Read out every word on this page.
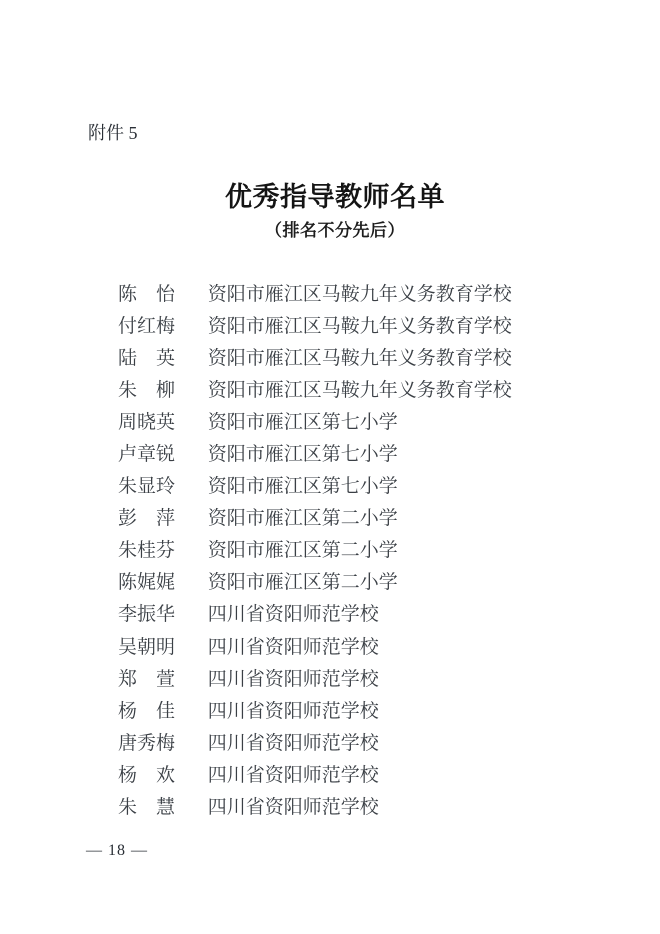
附件 5
优秀指导教师名单
（排名不分先后）
陈　怡 资阳市雁江区马鞍九年义务教育学校
付红梅 资阳市雁江区马鞍九年义务教育学校
陆　英 资阳市雁江区马鞍九年义务教育学校
朱　柳 资阳市雁江区马鞍九年义务教育学校
周晓英 资阳市雁江区第七小学
卢章锐 资阳市雁江区第七小学
朱显玲 资阳市雁江区第七小学
彭　萍 资阳市雁江区第二小学
朱桂芬 资阳市雁江区第二小学
陈娓娓 资阳市雁江区第二小学
李振华 四川省资阳师范学校
吴朝明 四川省资阳师范学校
郑　萱 四川省资阳师范学校
杨　佳 四川省资阳师范学校
唐秀梅 四川省资阳师范学校
杨　欢 四川省资阳师范学校
朱　慧 四川省资阳师范学校
— 18 —
